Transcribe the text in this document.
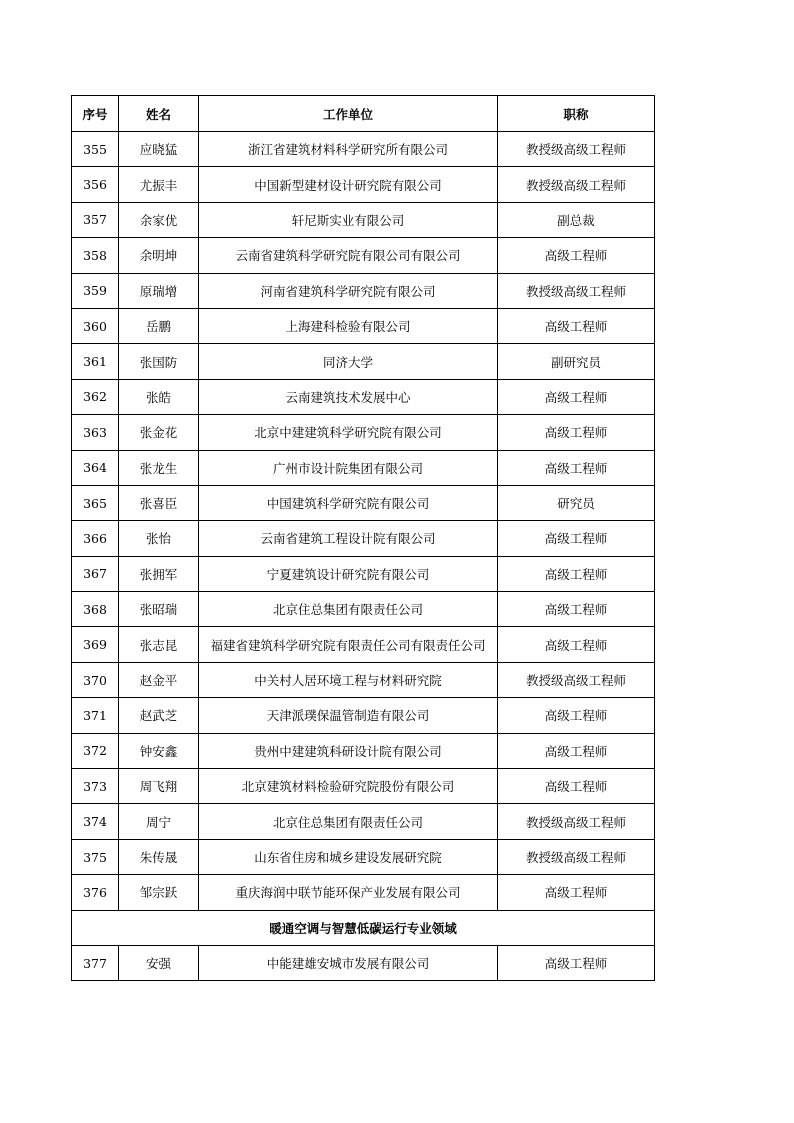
序号	姓名	工作单位	职称
355	应晓猛	浙江省建筑材料科学研究所有限公司	教授级高级工程师
356	尤振丰	中国新型建材设计研究院有限公司	教授级高级工程师
357	余家优	轩尼斯实业有限公司	副总裁
358	余明坤	云南省建筑科学研究院有限公司有限公司	高级工程师
359	原瑞增	河南省建筑科学研究院有限公司	教授级高级工程师
360	岳鹏	上海建科检验有限公司	高级工程师
361	张国防	同济大学	副研究员
362	张皓	云南建筑技术发展中心	高级工程师
363	张金花	北京中建建筑科学研究院有限公司	高级工程师
364	张龙生	广州市设计院集团有限公司	高级工程师
365	张喜臣	中国建筑科学研究院有限公司	研究员
366	张怡	云南省建筑工程设计院有限公司	高级工程师
367	张拥军	宁夏建筑设计研究院有限公司	高级工程师
368	张昭瑞	北京住总集团有限责任公司	高级工程师
369	张志昆	福建省建筑科学研究院有限责任公司有限责任公司	高级工程师
370	赵金平	中关村人居环境工程与材料研究院	教授级高级工程师
371	赵武芝	天津派璞保温管制造有限公司	高级工程师
372	钟安鑫	贵州中建建筑科研设计院有限公司	高级工程师
373	周飞翔	北京建筑材料检验研究院股份有限公司	高级工程师
374	周宁	北京住总集团有限责任公司	教授级高级工程师
375	朱传晟	山东省住房和城乡建设发展研究院	教授级高级工程师
376	邹宗跃	重庆海润中联节能环保产业发展有限公司	高级工程师
暖通空调与智慧低碳运行专业领域			
377	安强	中能建雄安城市发展有限公司	高级工程师
